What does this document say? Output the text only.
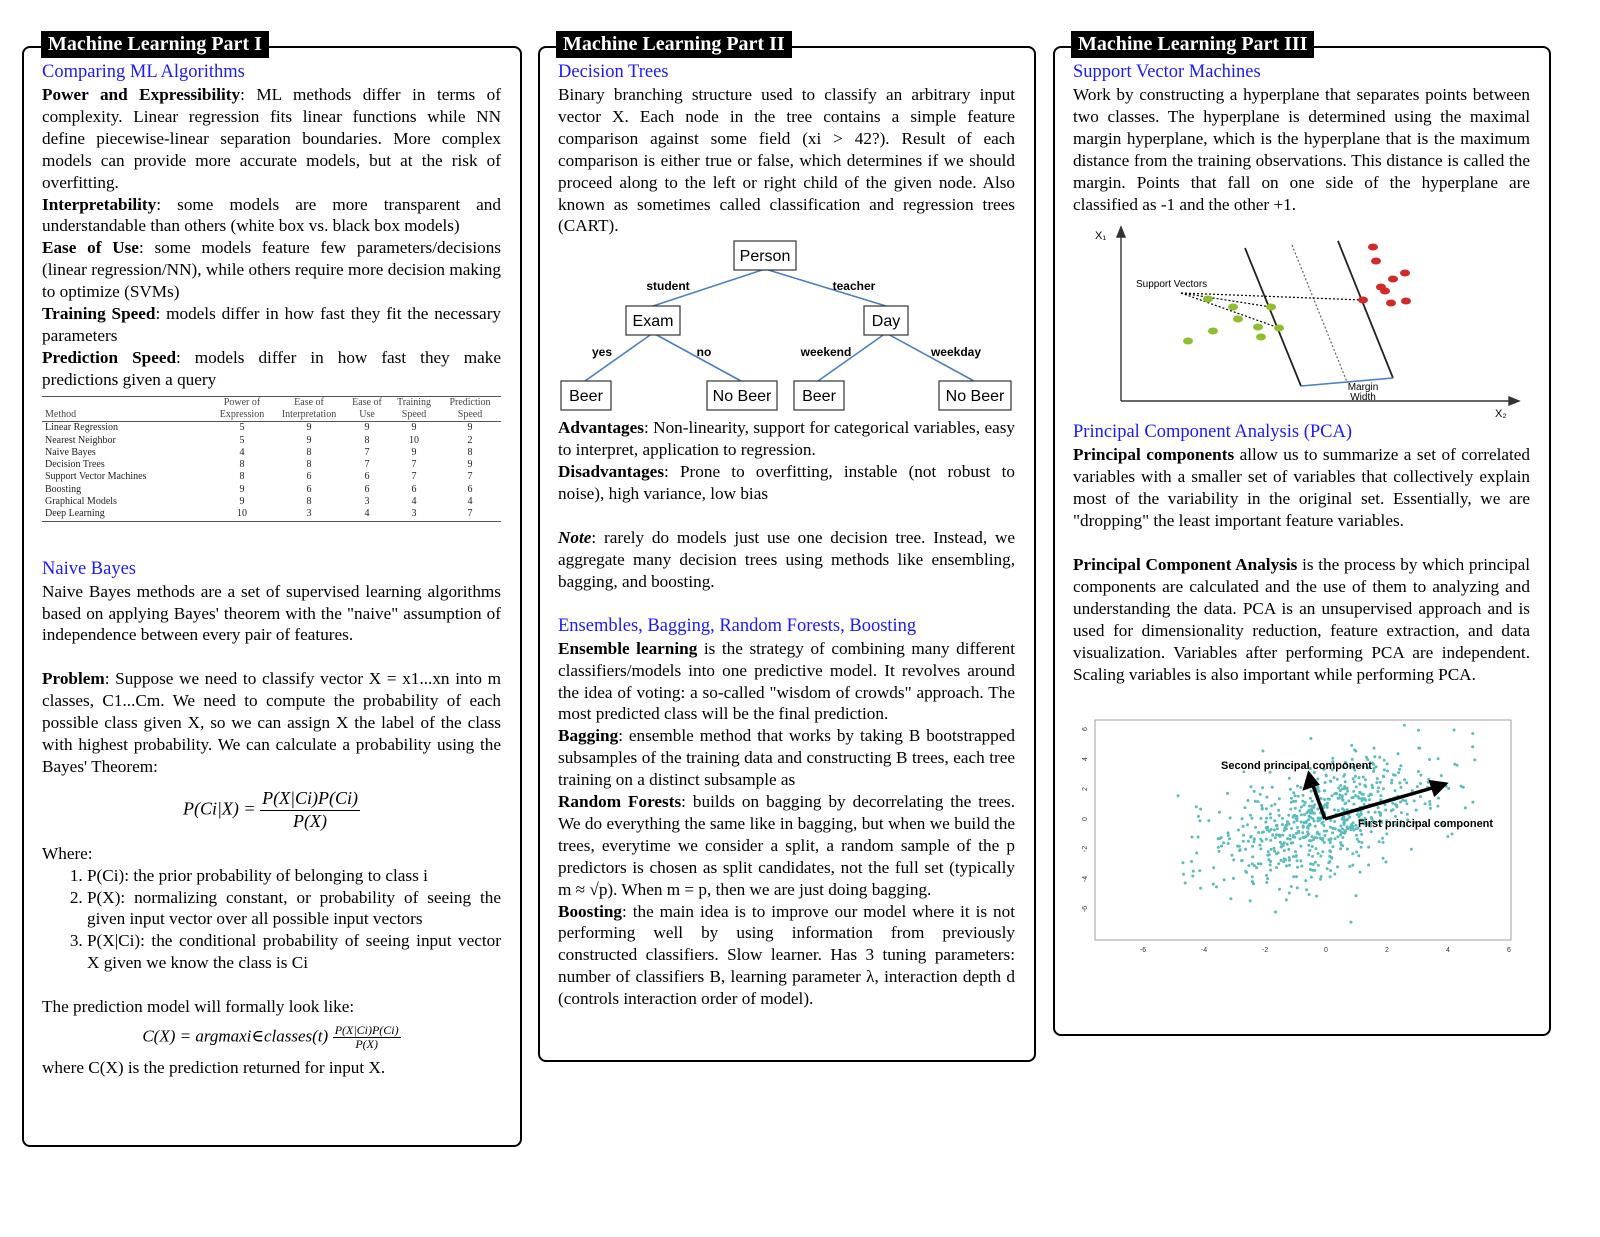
Machine Learning Part I

Comparing ML Algorithms

Power and Expressibility: ML methods differ in terms of complexity. Linear regression fits linear functions while NN define piecewise-linear separation boundaries. More complex models can provide more accurate models, but at the risk of overfitting.

Interpretability: some models are more transparent and understandable than others (white box vs. black box models)

Ease of Use: some models feature few parameters/decisions (linear regression/NN), while others require more decision making to optimize (SVMs)

Training Speed: models differ in how fast they fit the necessary parameters

Prediction Speed: models differ in how fast they make predictions given a query

Method	Power of Expression	Ease of Interpretation	Ease of Use	Training Speed	Prediction Speed
Linear Regression	5	9	9	9	9
Nearest Neighbor	5	9	8	10	2
Naive Bayes	4	8	7	9	8
Decision Trees	8	8	7	7	9
Support Vector Machines	8	6	6	7	7
Boosting	9	6	6	6	6
Graphical Models	9	8	3	4	4
Deep Learning	10	3	4	3	7

Naive Bayes

Naive Bayes methods are a set of supervised learning algorithms based on applying Bayes' theorem with the "naive" assumption of independence between every pair of features.

Problem: Suppose we need to classify vector X = x1...xn into m classes, C1...Cm. We need to compute the probability of each possible class given X, so we can assign X the label of the class with highest probability. We can calculate a probability using the Bayes' Theorem:

$P(Ci|X) = \frac{P(X|Ci)P(Ci)}{P(X)}$

Where:

1. P(Ci): the prior probability of belonging to class i
2. P(X): normalizing constant, or probability of seeing the given input vector over all possible input vectors
3. P(X|Ci): the conditional probability of seeing input vector X given we know the class is Ci

The prediction model will formally look like:

C(X) = argmaxi∈classes(t) $\frac{P(X|Ci)P(Ci)}{P(X)}$

where C(X) is the prediction returned for input X.

Machine Learning Part II

Decision Trees

Binary branching structure used to classify an arbitrary input vector X. Each node in the tree contains a simple feature comparison against some field (xi > 42?). Result of each comparison is either true or false, which determines if we should proceed along to the left or right child of the given node. Also known as sometimes called classification and regression trees (CART).

Person
Exam	Day
Beer	No Beer Beer	No Beer
student	teacher
yes	no	weekend	weekday

Advantages: Non-linearity, support for categorical variables, easy to interpret, application to regression.

Disadvantages: Prone to overfitting, instable (not robust to noise), high variance, low bias

Note: rarely do models just use one decision tree. Instead, we aggregate many decision trees using methods like ensembling, bagging, and boosting.

Ensembles, Bagging, Random Forests, Boosting

Ensemble learning is the strategy of combining many different classifiers/models into one predictive model. It revolves around the idea of voting: a so-called "wisdom of crowds" approach. The most predicted class will be the final prediction.

Bagging: ensemble method that works by taking B bootstrapped subsamples of the training data and constructing B trees, each tree training on a distinct subsample as

Random Forests: builds on bagging by decorrelating the trees. We do everything the same like in bagging, but when we build the trees, everytime we consider a split, a random sample of the p predictors is chosen as split candidates, not the full set (typically m ≈ √p). When m = p, then we are just doing bagging.

Boosting: the main idea is to improve our model where it is not performing well by using information from previously constructed classifiers. Slow learner. Has 3 tuning parameters: number of classifiers B, learning parameter λ, interaction depth d (controls interaction order of model).

Machine Learning Part III

Support Vector Machines

Work by constructing a hyperplane that separates points between two classes. The hyperplane is determined using the maximal margin hyperplane, which is the hyperplane that is the maximum distance from the training observations. This distance is called the margin. Points that fall on one side of the hyperplane are classified as -1 and the other +1.

X₁
X₂
Margin
Width
Support Vectors

Principal Component Analysis (PCA)

Principal components allow us to summarize a set of correlated variables with a smaller set of variables that collectively explain most of the variability in the original set. Essentially, we are "dropping" the least important feature variables.

Principal Component Analysis is the process by which principal components are calculated and the use of them to analyzing and understanding the data. PCA is an unsupervised approach and is used for dimensionality reduction, feature extraction, and data visualization. Variables after performing PCA are independent. Scaling variables is also important while performing PCA.

-6	-4	-2	0	2	4	6
6
4
2
0
-2
-4
-6
Second principal component
First principal component
